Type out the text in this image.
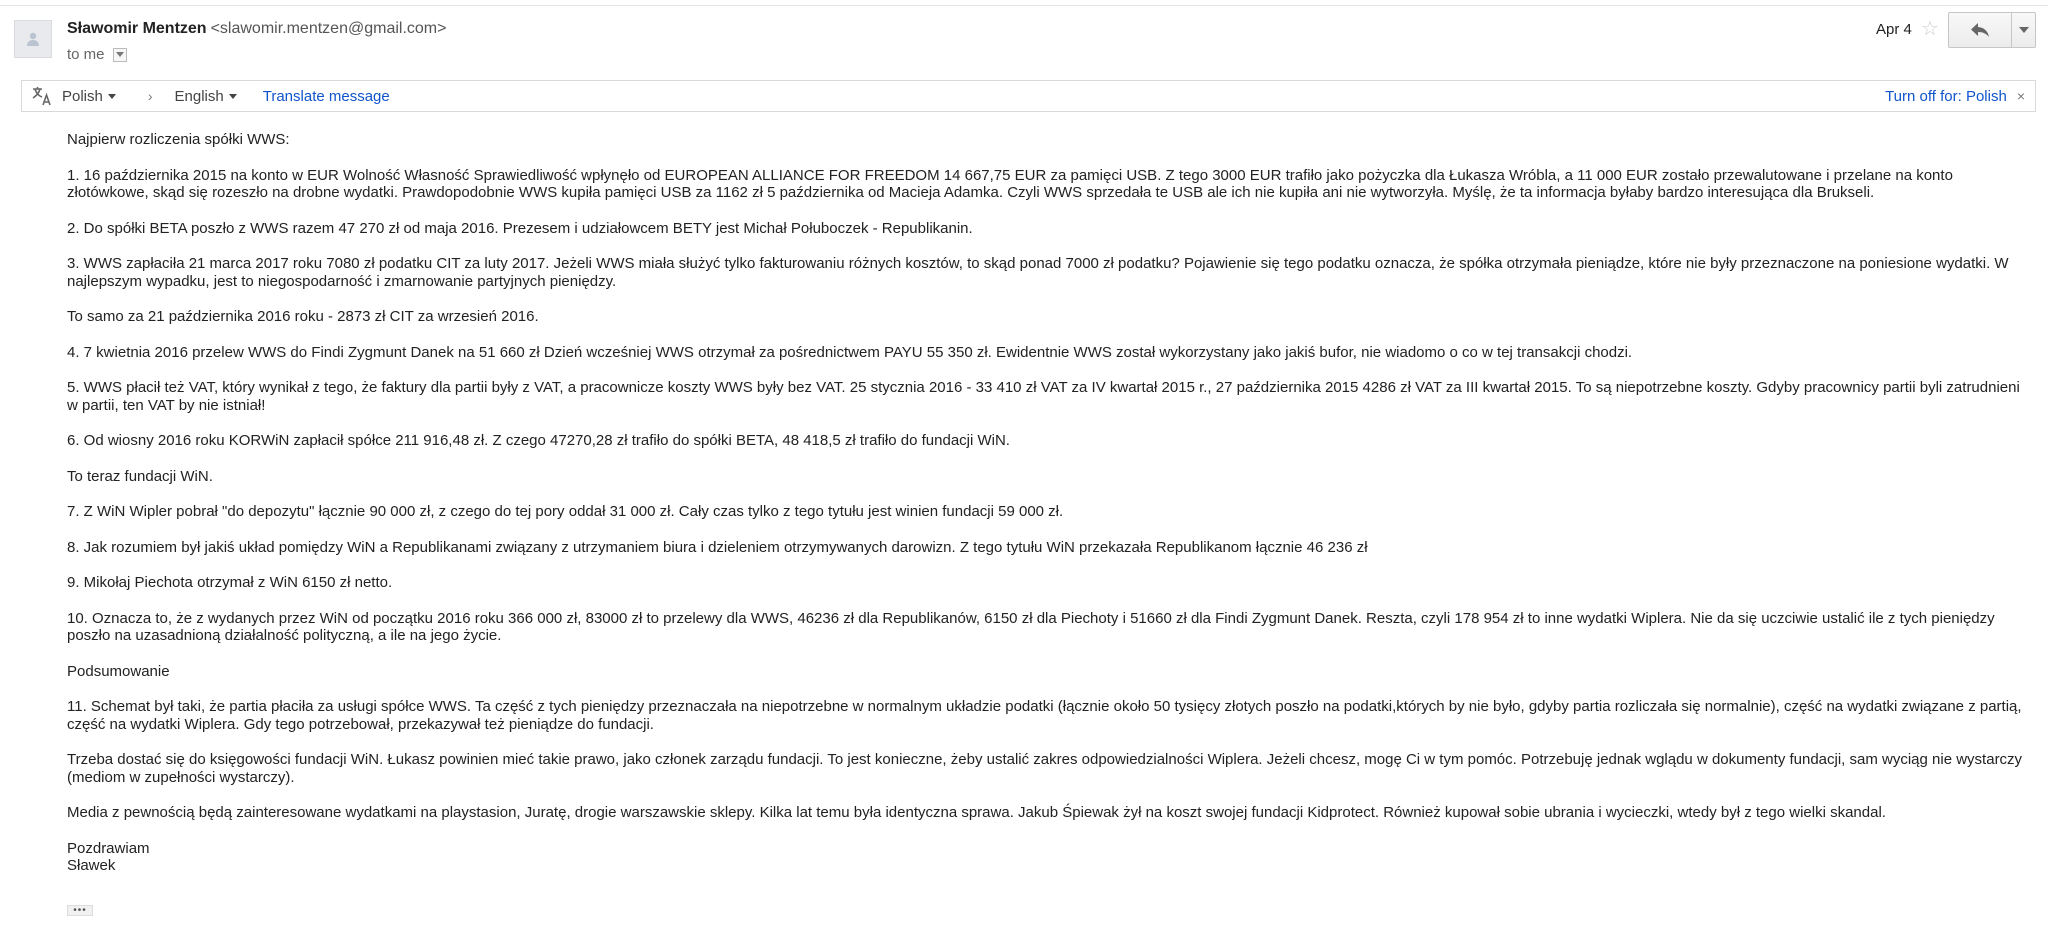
Sławomir Mentzen <slawomir.mentzen@gmail.com>
to me
Apr 4 ☆
Polish	› English	Translate message	Turn off for: Polish ×

Najpierw rozliczenia spółki WWS:

1. 16 października 2015 na konto w EUR Wolność Własność Sprawiedliwość wpłynęło od EUROPEAN ALLIANCE FOR FREEDOM 14 667,75 EUR za pamięci USB. Z tego 3000 EUR trafiło jako pożyczka dla Łukasza Wróbla, a 11 000 EUR zostało przewalutowane i przelane na konto złotówkowe, skąd się rozeszło na drobne wydatki. Prawdopodobnie WWS kupiła pamięci USB za 1162 zł 5 października od Macieja Adamka. Czyli WWS sprzedała te USB ale ich nie kupiła ani nie wytworzyła. Myślę, że ta informacja byłaby bardzo interesująca dla Brukseli.

2. Do spółki BETA poszło z WWS razem 47 270 zł od maja 2016. Prezesem i udziałowcem BETY jest Michał Połuboczek - Republikanin.

3. WWS zapłaciła 21 marca 2017 roku 7080 zł podatku CIT za luty 2017. Jeżeli WWS miała służyć tylko fakturowaniu różnych kosztów, to skąd ponad 7000 zł podatku? Pojawienie się tego podatku oznacza, że spółka otrzymała pieniądze, które nie były przeznaczone na poniesione wydatki. W najlepszym wypadku, jest to niegospodarność i zmarnowanie partyjnych pieniędzy.

To samo za 21 października 2016 roku - 2873 zł CIT za wrzesień 2016.

4. 7 kwietnia 2016 przelew WWS do Findi Zygmunt Danek na 51 660 zł Dzień wcześniej WWS otrzymał za pośrednictwem PAYU 55 350 zł. Ewidentnie WWS został wykorzystany jako jakiś bufor, nie wiadomo o co w tej transakcji chodzi.

5. WWS płacił też VAT, który wynikał z tego, że faktury dla partii były z VAT, a pracownicze koszty WWS były bez VAT. 25 stycznia 2016 - 33 410 zł VAT za IV kwartał 2015 r., 27 października 2015 4286 zł VAT za III kwartał 2015. To są niepotrzebne koszty. Gdyby pracownicy partii byli zatrudnieni w partii, ten VAT by nie istniał!

6. Od wiosny 2016 roku KORWiN zapłacił spółce 211 916,48 zł. Z czego 47270,28 zł trafiło do spółki BETA, 48 418,5 zł trafiło do fundacji WiN.

To teraz fundacji WiN.

7. Z WiN Wipler pobrał "do depozytu" łącznie 90 000 zł, z czego do tej pory oddał 31 000 zł. Cały czas tylko z tego tytułu jest winien fundacji 59 000 zł.

8. Jak rozumiem był jakiś układ pomiędzy WiN a Republikanami związany z utrzymaniem biura i dzieleniem otrzymywanych darowizn. Z tego tytułu WiN przekazała Republikanom łącznie 46 236 zł

9. Mikołaj Piechota otrzymał z WiN 6150 zł netto.

10. Oznacza to, że z wydanych przez WiN od początku 2016 roku 366 000 zł, 83000 zł to przelewy dla WWS, 46236 zł dla Republikanów, 6150 zł dla Piechoty i 51660 zł dla Findi Zygmunt Danek. Reszta, czyli 178 954 zł to inne wydatki Wiplera. Nie da się uczciwie ustalić ile z tych pieniędzy poszło na uzasadnioną działalność polityczną, a ile na jego życie.

Podsumowanie

11. Schemat był taki, że partia płaciła za usługi spółce WWS. Ta część z tych pieniędzy przeznaczała na niepotrzebne w normalnym układzie podatki (łącznie około 50 tysięcy złotych poszło na podatki,których by nie było, gdyby partia rozliczała się normalnie), część na wydatki związane z partią, część na wydatki Wiplera. Gdy tego potrzebował, przekazywał też pieniądze do fundacji.

Trzeba dostać się do księgowości fundacji WiN. Łukasz powinien mieć takie prawo, jako członek zarządu fundacji. To jest konieczne, żeby ustalić zakres odpowiedzialności Wiplera. Jeżeli chcesz, mogę Ci w tym pomóc. Potrzebuję jednak wglądu w dokumenty fundacji, sam wyciąg nie wystarczy (mediom w zupełności wystarczy).

Media z pewnością będą zainteresowane wydatkami na playstasion, Juratę, drogie warszawskie sklepy. Kilka lat temu była identyczna sprawa. Jakub Śpiewak żył na koszt swojej fundacji Kidprotect. Również kupował sobie ubrania i wycieczki, wtedy był z tego wielki skandal.

Pozdrawiam
Sławek
•••
